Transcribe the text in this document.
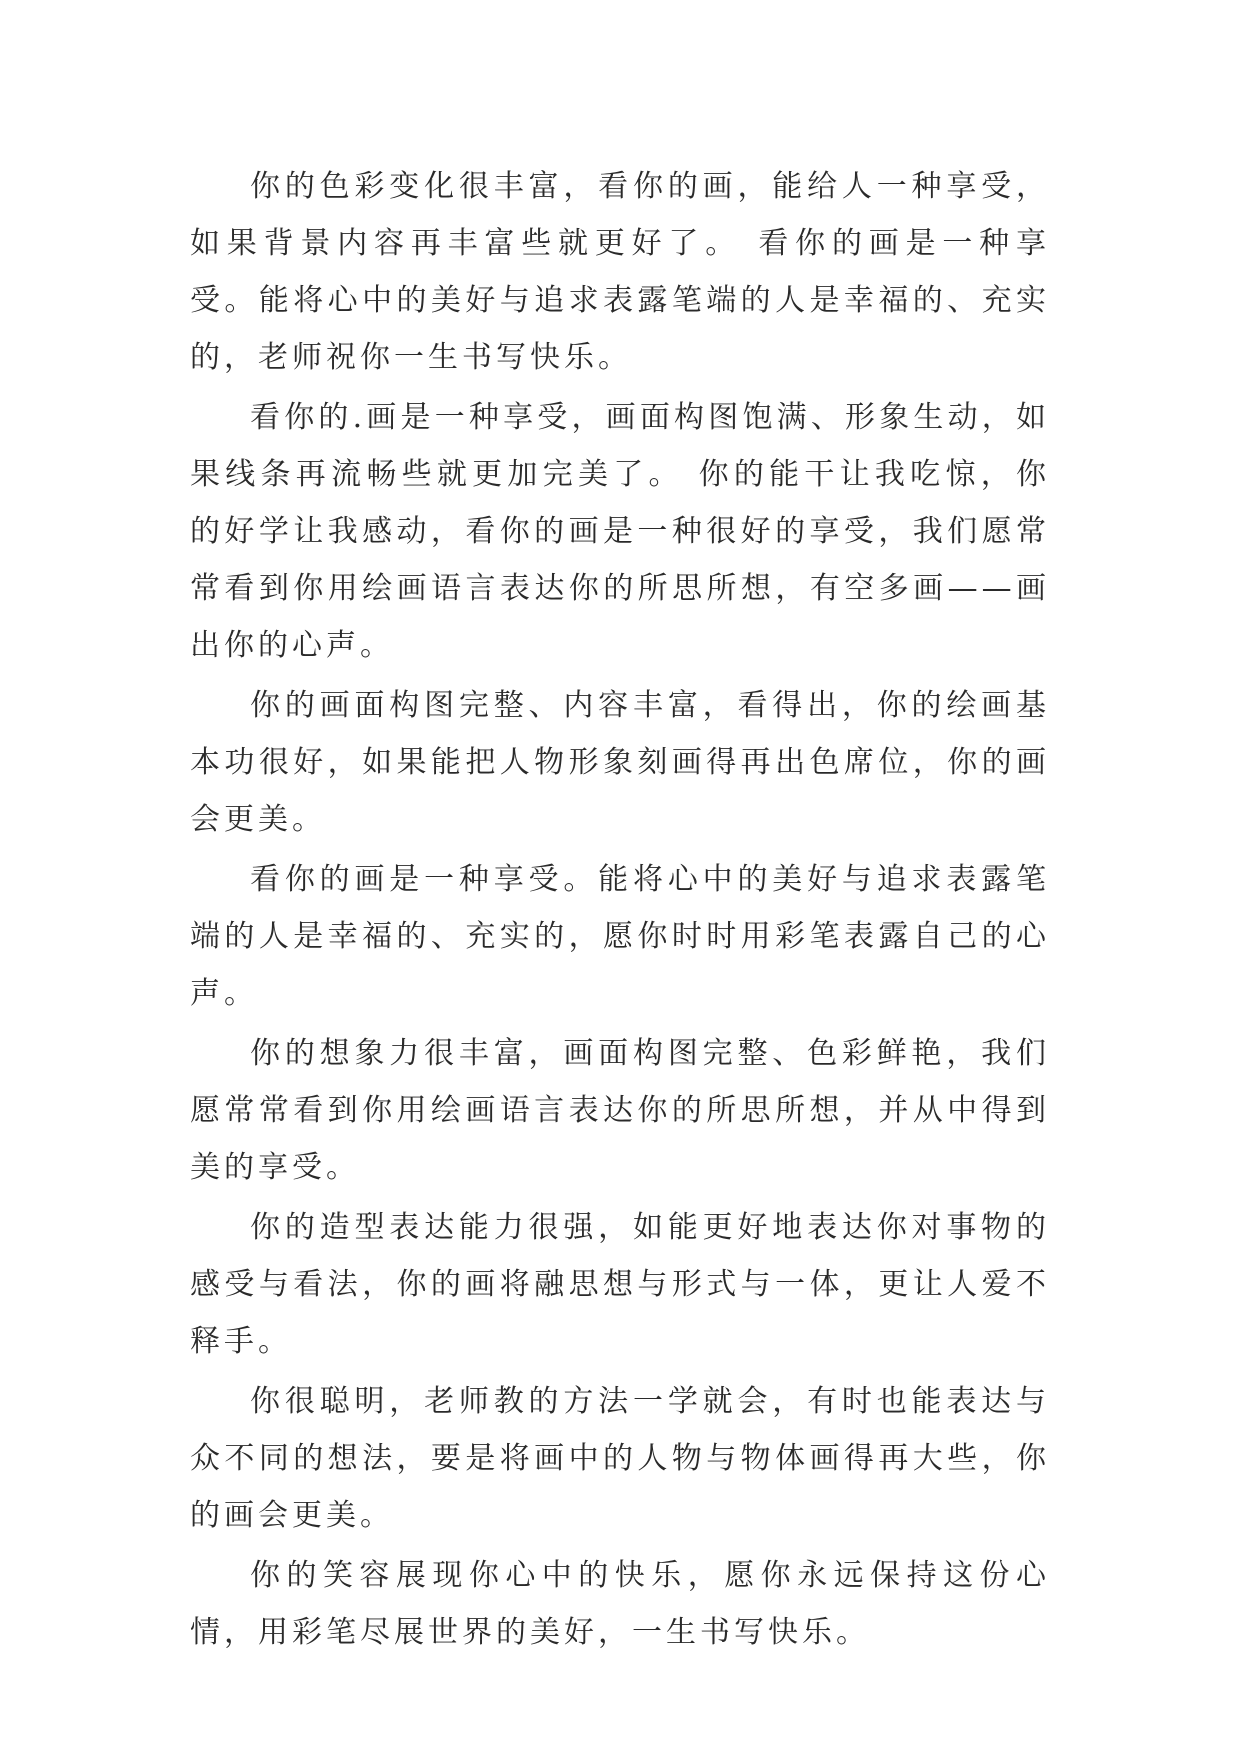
你的色彩变化很丰富，看你的画，能给人一种享受，如果背景内容再丰富些就更好了。 看你的画是一种享受。能将心中的美好与追求表露笔端的人是幸福的、充实的，老师祝你一生书写快乐。

看你的.画是一种享受，画面构图饱满、形象生动，如果线条再流畅些就更加完美了。 你的能干让我吃惊，你的好学让我感动，看你的画是一种很好的享受，我们愿常常看到你用绘画语言表达你的所思所想，有空多画——画出你的心声。

你的画面构图完整、内容丰富，看得出，你的绘画基本功很好，如果能把人物形象刻画得再出色席位，你的画会更美。

看你的画是一种享受。能将心中的美好与追求表露笔端的人是幸福的、充实的，愿你时时用彩笔表露自己的心声。

你的想象力很丰富，画面构图完整、色彩鲜艳，我们愿常常看到你用绘画语言表达你的所思所想，并从中得到美的享受。

你的造型表达能力很强，如能更好地表达你对事物的感受与看法，你的画将融思想与形式与一体，更让人爱不释手。

你很聪明，老师教的方法一学就会，有时也能表达与众不同的想法，要是将画中的人物与物体画得再大些，你的画会更美。

你的笑容展现你心中的快乐，愿你永远保持这份心情，用彩笔尽展世界的美好，一生书写快乐。
